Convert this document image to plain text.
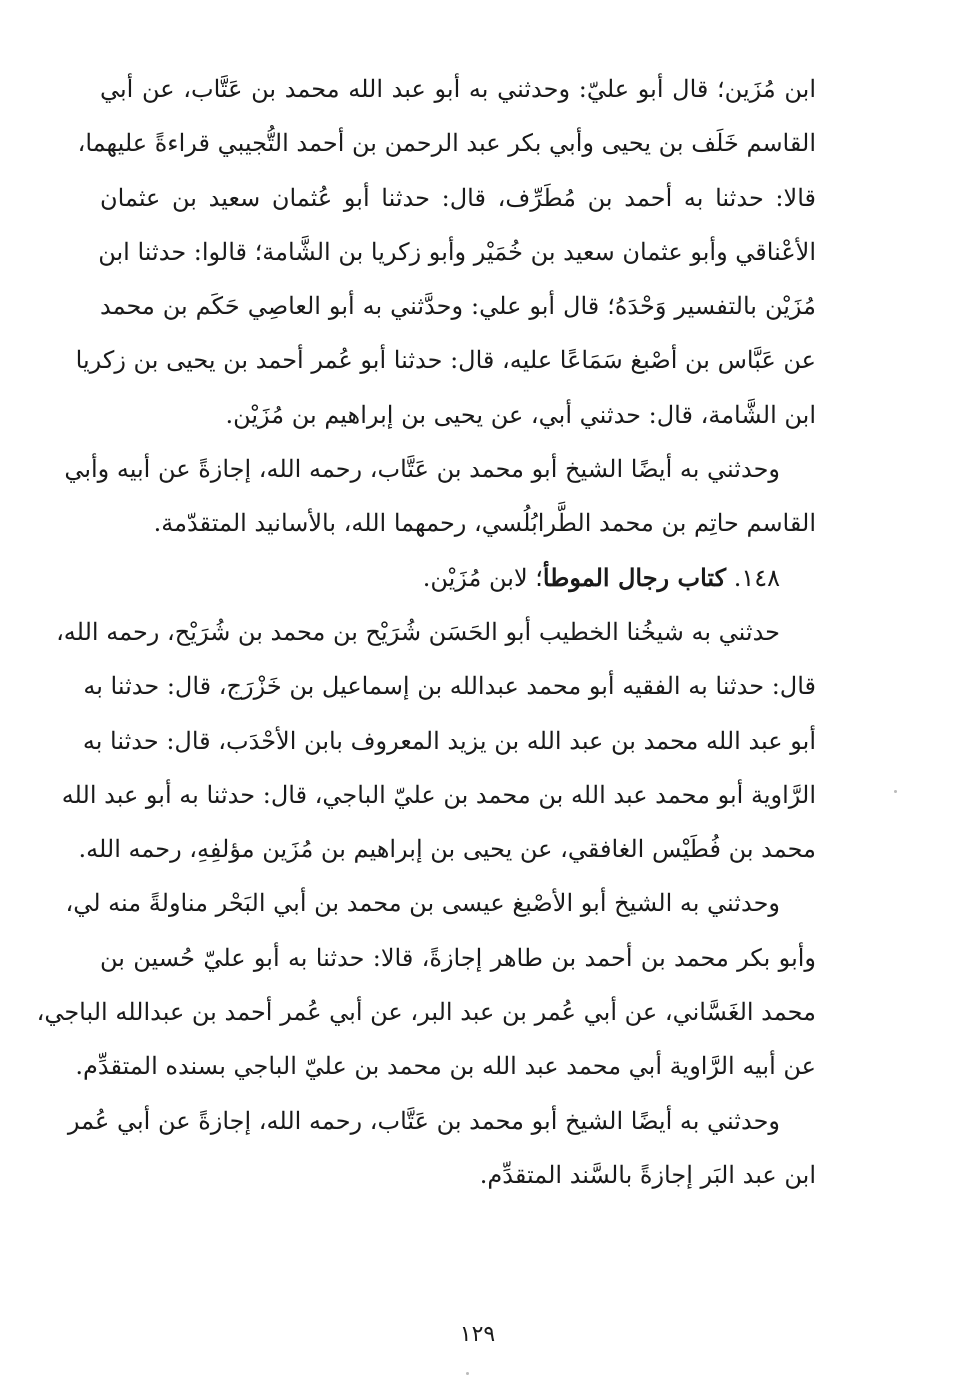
ابن مُزَين؛ قال أبو عليّ: وحدثني به أبو عبد الله محمد بن عَتَّاب، عن أبي
القاسم خَلَف بن يحيى وأبي بكر عبد الرحمن بن أحمد التُّجيبي قراءةً عليهما،
قالا: حدثنا به أحمد بن مُطَرِّف، قال: حدثنا أبو عُثمان سعيد بن عثمان
الأعْناقي وأبو عثمان سعيد بن خُمَيْر وأبو زكريا بن الشَّامة؛ قالوا: حدثنا ابن
مُزَيْن بالتفسير وَحْدَهُ؛ قال أبو علي: وحدَّثني به أبو العاصِي حَكَم بن محمد
عن عَبَّاس بن أصْبغ سَمَاعًا عليه، قال: حدثنا أبو عُمر أحمد بن يحيى بن زكريا
ابن الشَّامة، قال: حدثني أبي، عن يحيى بن إبراهيم بن مُزَيْن.
وحدثني به أيضًا الشيخ أبو محمد بن عَتَّاب، رحمه الله، إجازةً عن أبيه وأبي
القاسم حاتِم بن محمد الطَّرابُلُسي، رحمهما الله، بالأسانيد المتقدّمة.
١٤٨. كتاب رجال الموطأ؛ لابن مُزَيْن.
حدثني به شيخُنا الخطيب أبو الحَسَن شُرَيْح بن محمد بن شُرَيْح، رحمه الله،
قال: حدثنا به الفقيه أبو محمد عبدالله بن إسماعيل بن خَزْرَج، قال: حدثنا به
أبو عبد الله محمد بن عبد الله بن يزيد المعروف بابن الأحْدَب، قال: حدثنا به
الرَّاوية أبو محمد عبد الله بن محمد بن عليّ الباجي، قال: حدثنا به أبو عبد الله
محمد بن فُطَيْس الغافقي، عن يحيى بن إبراهيم بن مُزَين مؤلفِهِ، رحمه الله.
وحدثني به الشيخ أبو الأصْبغ عيسى بن محمد بن أبي البَحْر مناولةً منه لي،
وأبو بكر محمد بن أحمد بن طاهر إجازةً، قالا: حدثنا به أبو عليّ حُسين بن
محمد الغَسَّاني، عن أبي عُمر بن عبد البر، عن أبي عُمر أحمد بن عبدالله الباجي،
عن أبيه الرَّاوية أبي محمد عبد الله بن محمد بن عليّ الباجي بسنده المتقدِّم.
وحدثني به أيضًا الشيخ أبو محمد بن عَتَّاب، رحمه الله، إجازةً عن أبي عُمر
ابن عبد البَر إجازةً بالسَّند المتقدِّم.
١٢٩
